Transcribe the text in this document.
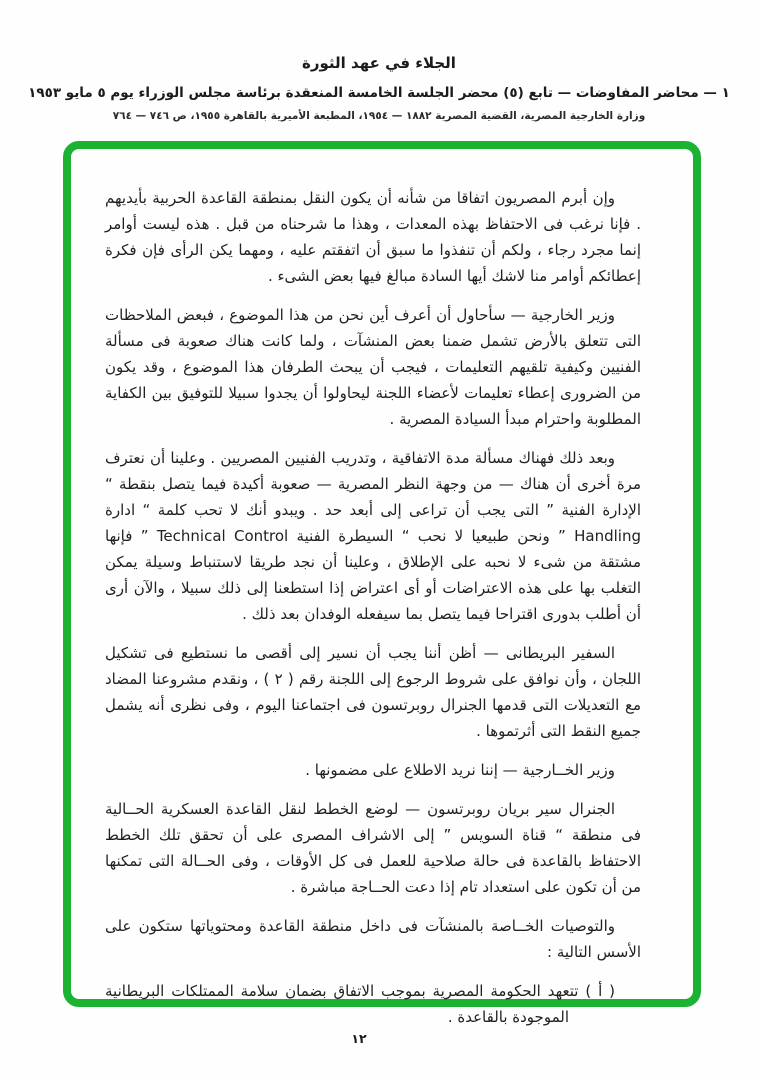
الجلاء في عهد الثورة
١ — محاضر المفاوضات — تابع (٥) محضر الجلسة الخامسة المنعقدة برئاسة مجلس الوزراء يوم ٥ مايو ١٩٥٣
وزارة الخارجية المصرية، القضية المصرية ١٨٨٢ — ١٩٥٤، المطبعة الأميرية بالقاهرة ١٩٥٥، ص ٧٤٦ — ٧٦٤

وإن أبرم المصريون اتفاقا من شأنه أن يكون النقل بمنطقة القاعدة الحربية بأيديهم . فإنا نرغب فى الاحتفاظ بهذه المعدات ، وهذا ما شرحناه من قبل . هذه ليست أوامر إنما مجرد رجاء ، ولكم أن تنفذوا ما سبق أن اتفقتم عليه ، ومهما يكن الرأى فإن فكرة إعطائكم أوامر منا لاشك أيها السادة مبالغ فيها بعض الشىء .

وزير الخارجية — سأحاول أن أعرف أين نحن من هذا الموضوع ، فبعض الملاحظات التى تتعلق بالأرض تشمل ضمنا بعض المنشآت ، ولما كانت هناك صعوبة فى مسألة الفنيين وكيفية تلقيهم التعليمات ، فيجب أن يبحث الطرفان هذا الموضوع ، وقد يكون من الضرورى إعطاء تعليمات لأعضاء اللجنة ليحاولوا أن يجدوا سبيلا للتوفيق بين الكفاية المطلوبة واحترام مبدأ السيادة المصرية .

وبعد ذلك فهناك مسألة مدة الاتفاقية ، وتدريب الفنيين المصريين . وعلينا أن نعترف مرة أخرى أن هناك — من وجهة النظر المصرية — صعوبة أكيدة فيما يتصل بنقطة “ الإدارة الفنية ” التى يجب أن تراعى إلى أبعد حد . ويبدو أنك لا تحب كلمة “ ادارة Handling ” ونحن طبيعيا لا نحب “ السيطرة الفنية Technical Control ” فإنها مشتقة من شىء لا نحبه على الإطلاق ، وعلينا أن نجد طريقا لاستنباط وسيلة يمكن التغلب بها على هذه الاعتراضات أو أى اعتراض إذا استطعنا إلى ذلك سبيلا ، والآن أرى أن أطلب بدورى اقتراحا فيما يتصل بما سيفعله الوفدان بعد ذلك .

السفير البريطانى — أظن أننا يجب أن نسير إلى أقصى ما نستطيع فى تشكيل اللجان ، وأن نوافق على شروط الرجوع إلى اللجنة رقم ( ٢ ) ، ونقدم مشروعنا المضاد مع التعديلات التى قدمها الجنرال روبرتسون فى اجتماعنا اليوم ، وفى نظرى أنه يشمل جميع النقط التى أثرتموها .

وزير الخــارجية — إننا نريد الاطلاع على مضمونها .

الجنرال سير بريان روبرتسون — لوضع الخطط لنقل القاعدة العسكرية الحــالية فى منطقة “ قناة السويس ” إلى الاشراف المصرى على أن تحقق تلك الخطط الاحتفاظ بالقاعدة فى حالة صلاحية للعمل فى كل الأوقات ، وفى الحــالة التى تمكنها من أن تكون على استعداد تام إذا دعت الحــاجة مباشرة .

والتوصيات الخــاصة بالمنشآت فى داخل منطقة القاعدة ومحتوياتها ستكون على الأسس التالية :

( أ ) تتعهد الحكومة المصرية بموجب الاتفاق بضمان سلامة الممتلكات البريطانية الموجودة بالقاعدة .

١٢
